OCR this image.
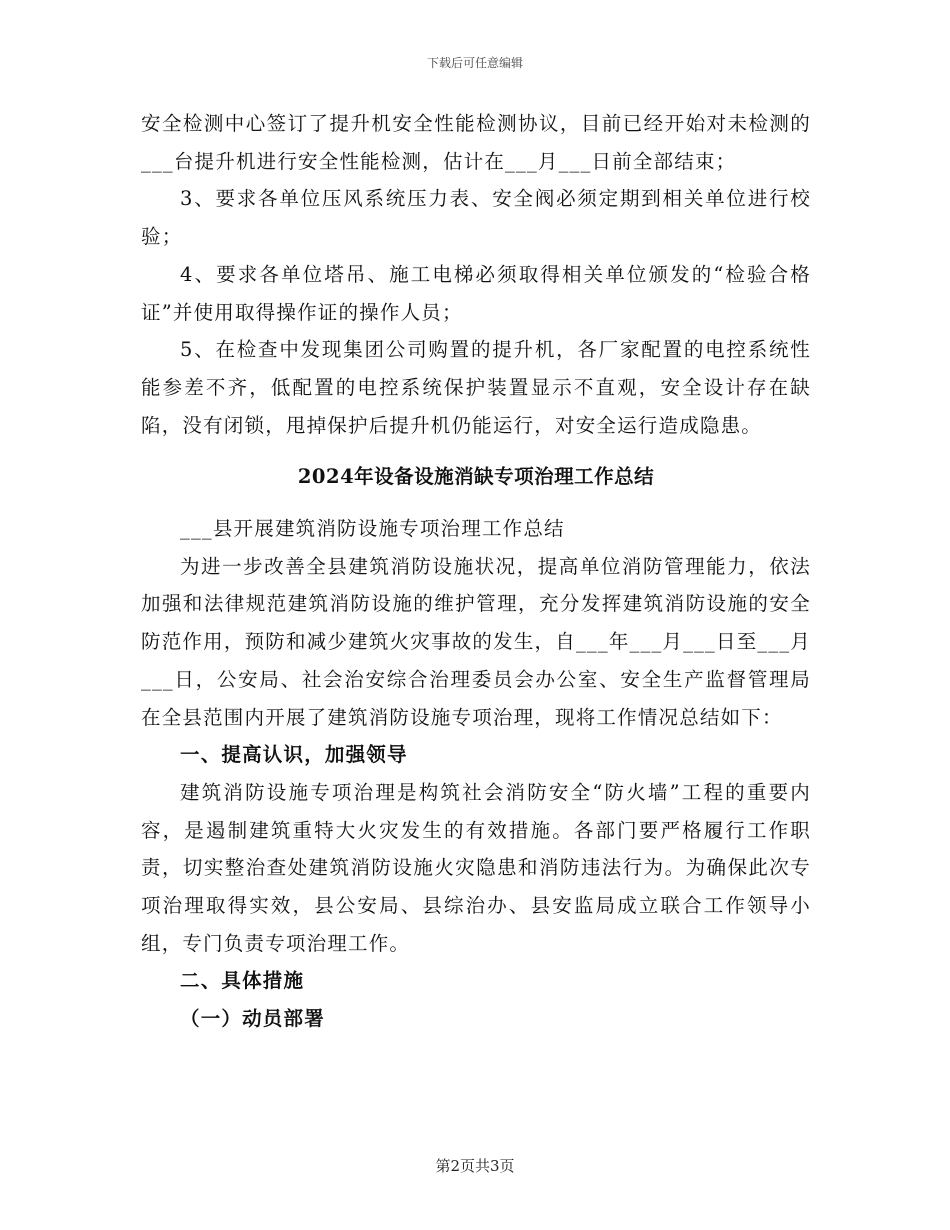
下载后可任意编辑

安全检测中心签订了提升机安全性能检测协议，目前已经开始对未检测的___台提升机进行安全性能检测，估计在___月___日前全部结束；

3、要求各单位压风系统压力表、安全阀必须定期到相关单位进行校验；

4、要求各单位塔吊、施工电梯必须取得相关单位颁发的“检验合格证”并使用取得操作证的操作人员；

5、在检查中发现集团公司购置的提升机，各厂家配置的电控系统性能参差不齐，低配置的电控系统保护装置显示不直观，安全设计存在缺陷，没有闭锁，甩掉保护后提升机仍能运行，对安全运行造成隐患。

2024年设备设施消缺专项治理工作总结

___县开展建筑消防设施专项治理工作总结

为进一步改善全县建筑消防设施状况，提高单位消防管理能力，依法加强和法律规范建筑消防设施的维护管理，充分发挥建筑消防设施的安全防范作用，预防和减少建筑火灾事故的发生，自___年___月___日至___月___日，公安局、社会治安综合治理委员会办公室、安全生产监督管理局在全县范围内开展了建筑消防设施专项治理，现将工作情况总结如下：

一、提高认识，加强领导

建筑消防设施专项治理是构筑社会消防安全“防火墙”工程的重要内容，是遏制建筑重特大火灾发生的有效措施。各部门要严格履行工作职责，切实整治查处建筑消防设施火灾隐患和消防违法行为。为确保此次专项治理取得实效，县公安局、县综治办、县安监局成立联合工作领导小组，专门负责专项治理工作。

二、具体措施

（一）动员部署

第2页共3页
